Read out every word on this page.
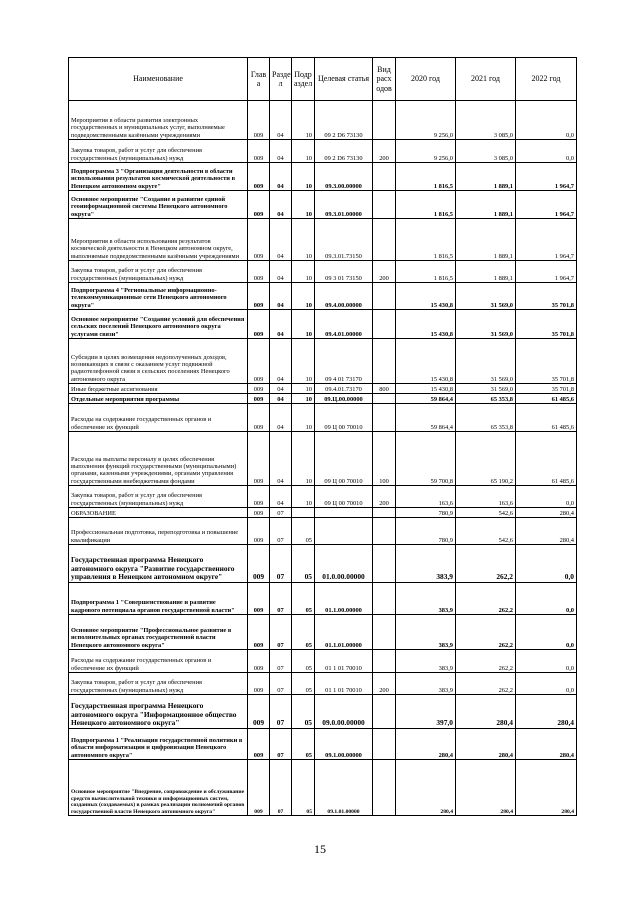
Наименование	Глав а	Разде л	Подр аздел	Целевая статья	Вид расх одов	2020 год	2021 год	2022 год
Мероприятия в области развития электронных государственных и муниципальных услуг, выполняемые подведомственными казёнными учреждениями	009	04	10	09 2 D6 73130		9 256,0	3 085,0	0,0
Закупка товаров, работ и услуг для обеспечения государственных (муниципальных) нужд	009	04	10	09 2 D6 73130	200	9 256,0	3 085,0	0,0
Подпрограмма 3 "Организация деятельности в области использования результатов космической деятельности в Ненецком автономном округе"	009	04	10	09.3.00.00000		1 816,5	1 889,1	1 964,7
Основное мероприятие "Создание и развитие единой геоинформационной системы Ненецкого автономного округа"	009	04	10	09.3.01.00000		1 816,5	1 889,1	1 964,7
Мероприятия в области использования результатов космической деятельности в Ненецком автономном округе, выполняемые подведомственными казёнными учреждениями	009	04	10	09.3.01.73150		1 816,5	1 889,1	1 964,7
Закупка товаров, работ и услуг для обеспечения государственных (муниципальных) нужд	009	04	10	09 3 01 73150	200	1 816,5	1 889,1	1 964,7
Подпрограмма 4 "Региональные информационно-телекоммуникационные сети Ненецкого автономного округа"	009	04	10	09.4.00.00000		15 430,8	31 569,0	35 701,8
Основное мероприятие "Создание условий для обеспечения сельских поселений Ненецкого автономного округа услугами связи"	009	04	10	09.4.01.00000		15 430,8	31 569,0	35 701,8
Субсидии в целях возмещения недополученных доходов, возникающих в связи с оказанием услуг подвижной радиотелефонной связи в сельских поселениях Ненецкого автономного округа	009	04	10	09 4 01 73170		15 430,8	31 569,0	35 701,8
Иные бюджетные ассигнования	009	04	10	09.4.01.73170	800	15 430,8	31 569,0	35 701,8
Отдельные мероприятия программы	009	04	10	09.Ц.00.00000		59 864,4	65 353,8	61 485,6
Расходы на содержание государственных органов и обеспечение их функций	009	04	10	09 Ц 00 70010		59 864,4	65 353,8	61 485,6
Расходы на выплаты персоналу в целях обеспечения выполнения функций государственными (муниципальными) органами, казенными учреждениями, органами управления государственными внебюджетными фондами	009	04	10	09 Ц 00 70010	100	59 700,8	65 190,2	61 485,6
Закупка товаров, работ и услуг для обеспечения государственных (муниципальных) нужд	009	04	10	09 Ц 00 70010	200	163,6	163,6	0,0
ОБРАЗОВАНИЕ	009	07				780,9	542,6	280,4
Профессиональная подготовка, переподготовка и повышение квалификации	009	07	05			780,9	542,6	280,4
Государственная программа Ненецкого автономного округа "Развитие государственного управления в Ненецком автономном округе"	009	07	05	01.0.00.00000		383,9	262,2	0,0
Подпрограмма 1 "Совершенствование и развитие кадрового потенциала органов государственной власти"	009	07	05	01.1.00.00000		383,9	262,2	0,0
Основное мероприятие "Профессиональное развитие в исполнительных органах государственной власти Ненецкого автономного округа"	009	07	05	01.1.01.00000		383,9	262,2	0,0
Расходы на содержание государственных органов и обеспечение их функций	009	07	05	01 1 01 70010		383,9	262,2	0,0
Закупка товаров, работ и услуг для обеспечения государственных (муниципальных) нужд	009	07	05	01 1 01 70010	200	383,9	262,2	0,0
Государственная программа Ненецкого автономного округа "Информационное общество Ненецкого автономного округа"	009	07	05	09.0.00.00000		397,0	280,4	280,4
Подпрограмма 1 "Реализация государственной политики в области информатизации и цифровизации Ненецкого автономного округа"	009	07	05	09.1.00.00000		280,4	280,4	280,4
Основное мероприятие "Внедрение, сопровождение и обслуживание средств вычислительной техники и информационных систем, созданных (создаваемых) в рамках реализации полномочий органов государственной власти Ненецкого автономного округа"	009	07	05	09.1.01.00000		280,4	280,4	280,4
15
